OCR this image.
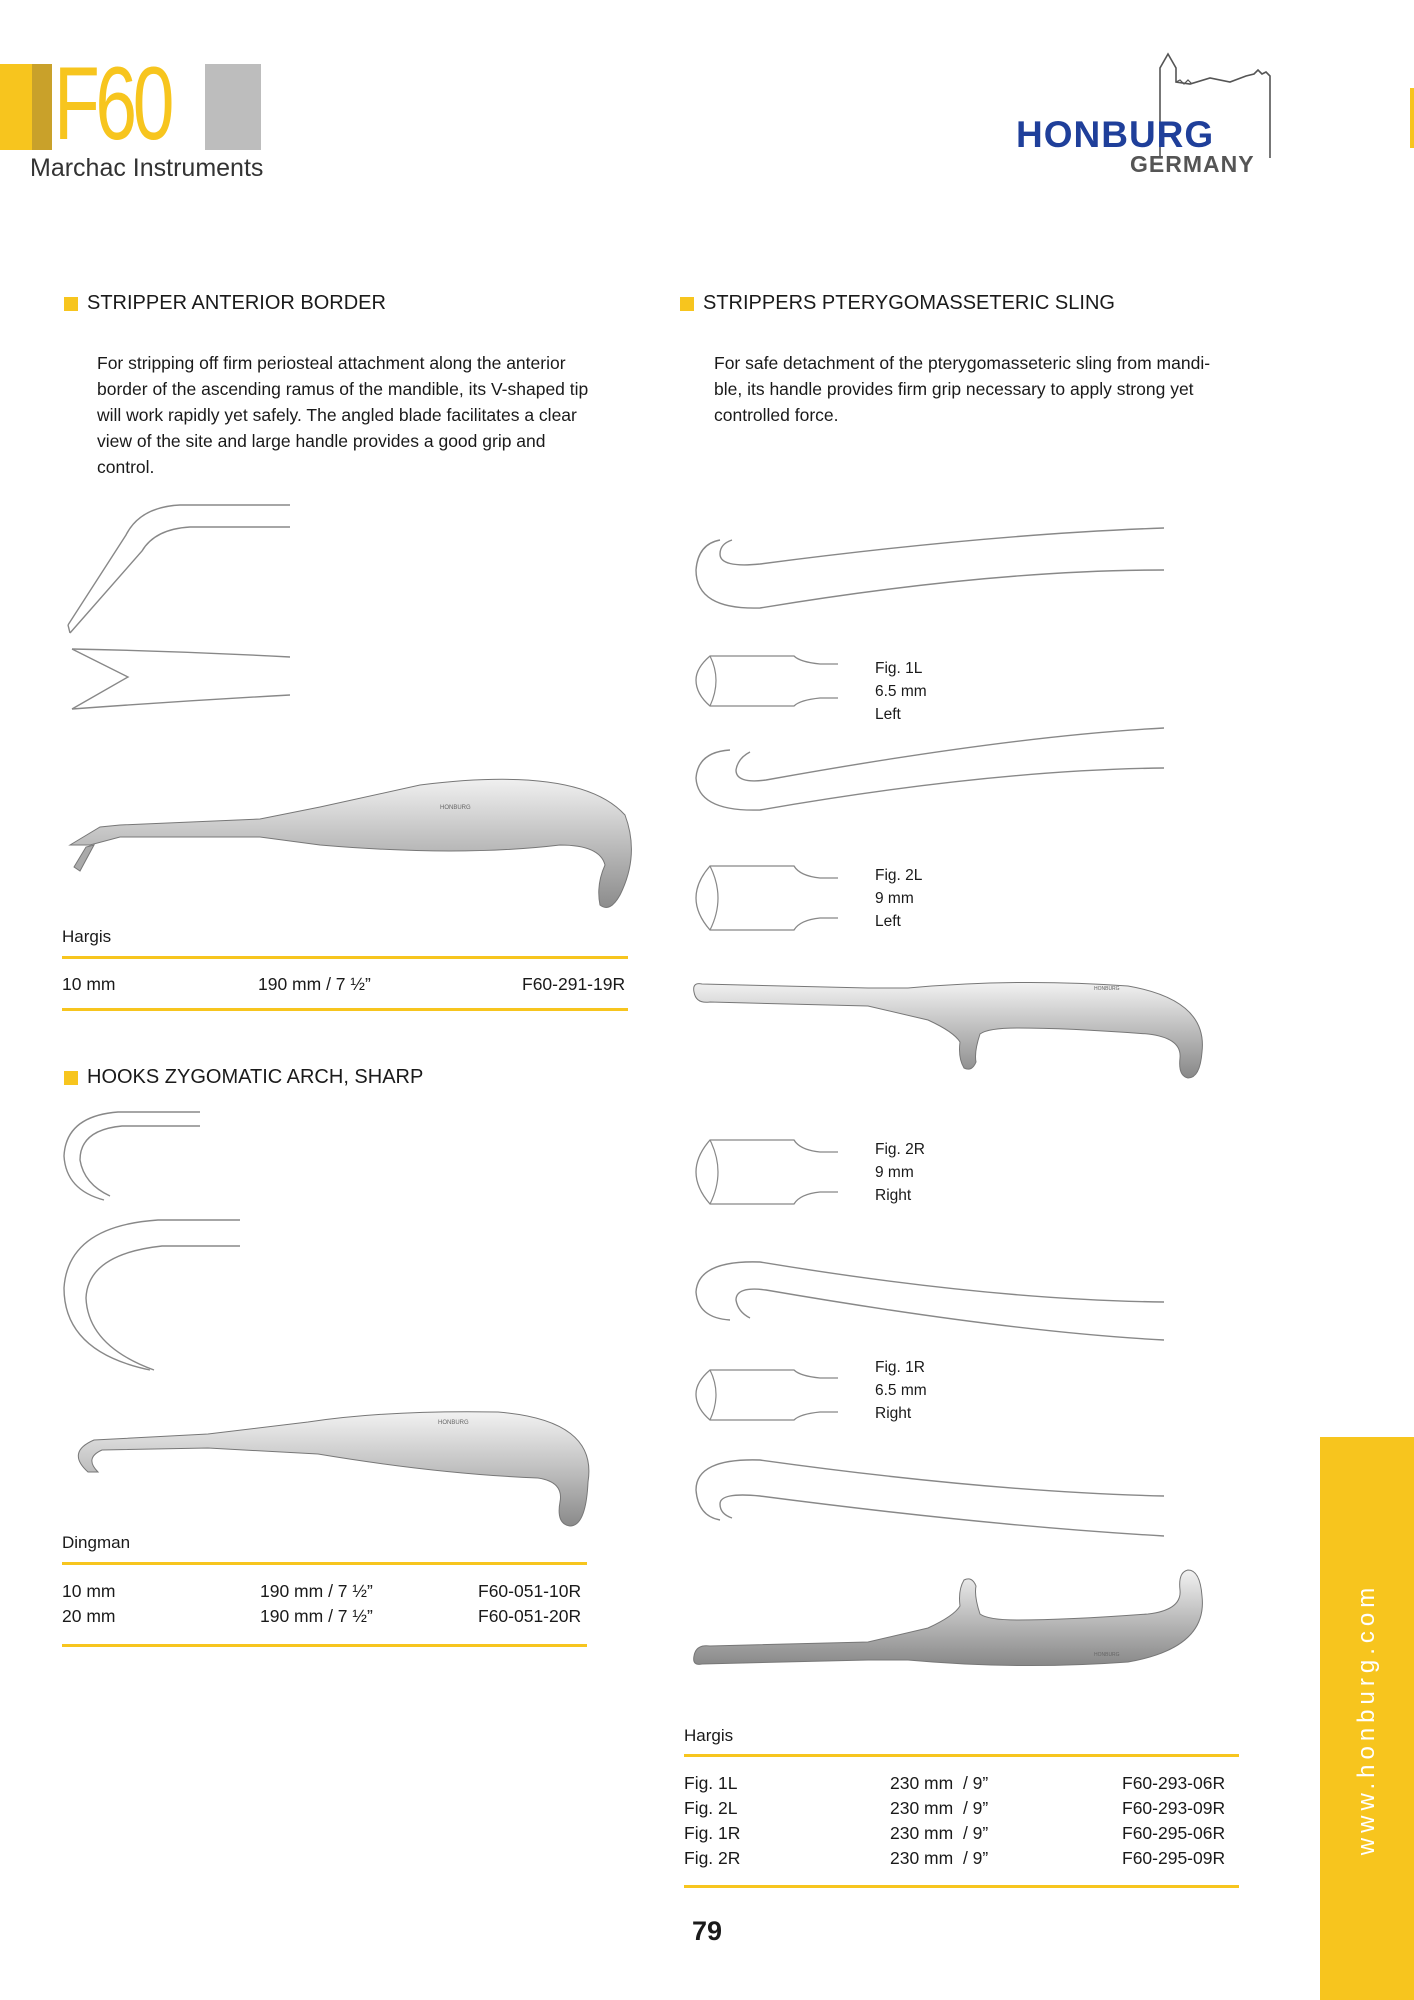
F60
Marchac Instruments
HONBURG
GERMANY
STRIPPER ANTERIOR BORDER
For stripping off firm periosteal attachment along the anterior
border of the ascending ramus of the mandible, its V-shaped tip
will work rapidly yet safely. The angled blade facilitates a clear
view of the site and large handle provides a good grip and
control.
HONBURG
Hargis
10 mm	190 mm / 7 ½”	F60-291-19R
HOOKS ZYGOMATIC ARCH, SHARP
HONBURG
Dingman
10 mm	190 mm / 7 ½”	F60-051-10R
20 mm	190 mm / 7 ½”	F60-051-20R
STRIPPERS PTERYGOMASSETERIC SLING
For safe detachment of the pterygomasseteric sling from mandi-
ble, its handle provides firm grip necessary to apply strong yet
controlled force.
Fig. 1L
6.5 mm
Left
Fig. 2L
9 mm
Left
HONBURG
Fig. 2R
9 mm
Right
Fig. 1R
6.5 mm
Right
HONBURG
Hargis
Fig. 1L	230 mm  / 9”	F60-293-06R
Fig. 2L	230 mm  / 9”	F60-293-09R
Fig. 1R	230 mm  / 9”	F60-295-06R
Fig. 2R	230 mm  / 9”	F60-295-09R
79
www.honburg.com
